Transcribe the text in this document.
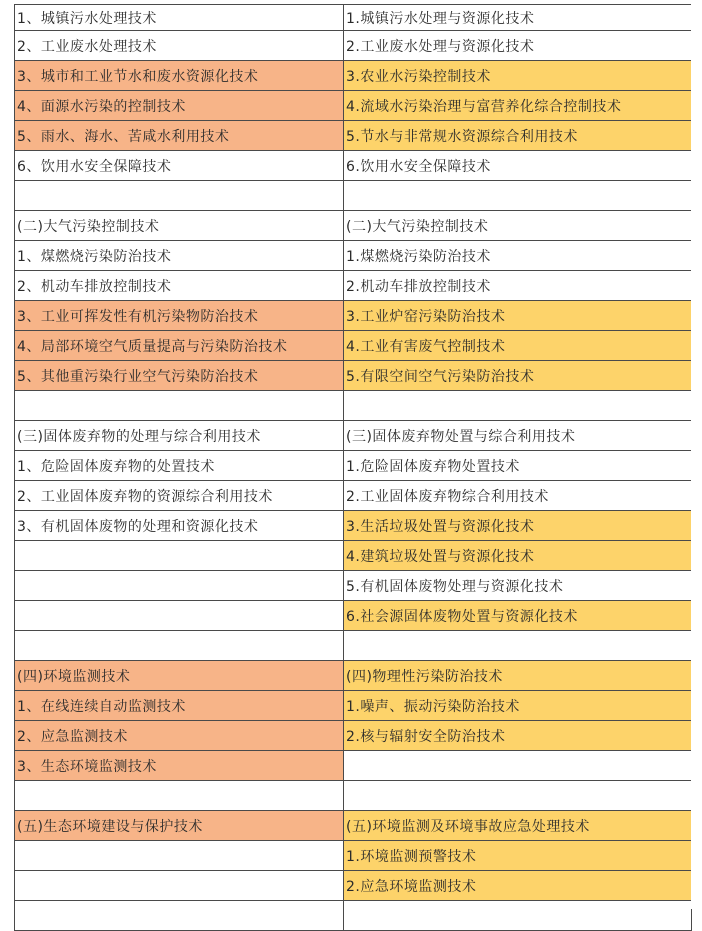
1、城镇污水处理技术	1.城镇污水处理与资源化技术
2、工业废水处理技术	2.工业废水处理与资源化技术
3、城市和工业节水和废水资源化技术	3.农业水污染控制技术
4、面源水污染的控制技术	4.流域水污染治理与富营养化综合控制技术
5、雨水、海水、苦咸水利用技术	5.节水与非常规水资源综合利用技术
6、饮用水安全保障技术	6.饮用水安全保障技术

(二)大气污染控制技术	(二)大气污染控制技术
1、煤燃烧污染防治技术	1.煤燃烧污染防治技术
2、机动车排放控制技术	2.机动车排放控制技术
3、工业可挥发性有机污染物防治技术	3.工业炉窑污染防治技术
4、局部环境空气质量提高与污染防治技术	4.工业有害废气控制技术
5、其他重污染行业空气污染防治技术	5.有限空间空气污染防治技术

(三)固体废弃物的处理与综合利用技术	(三)固体废弃物处置与综合利用技术
1、危险固体废弃物的处置技术	1.危险固体废弃物处置技术
2、工业固体废弃物的资源综合利用技术	2.工业固体废弃物综合利用技术
3、有机固体废物的处理和资源化技术	3.生活垃圾处置与资源化技术
	4.建筑垃圾处置与资源化技术
	5.有机固体废物处理与资源化技术
	6.社会源固体废物处置与资源化技术

(四)环境监测技术	(四)物理性污染防治技术
1、在线连续自动监测技术	1.噪声、振动污染防治技术
2、应急监测技术	2.核与辐射安全防治技术
3、生态环境监测技术	

(五)生态环境建设与保护技术	(五)环境监测及环境事故应急处理技术
	1.环境监测预警技术
	2.应急环境监测技术
